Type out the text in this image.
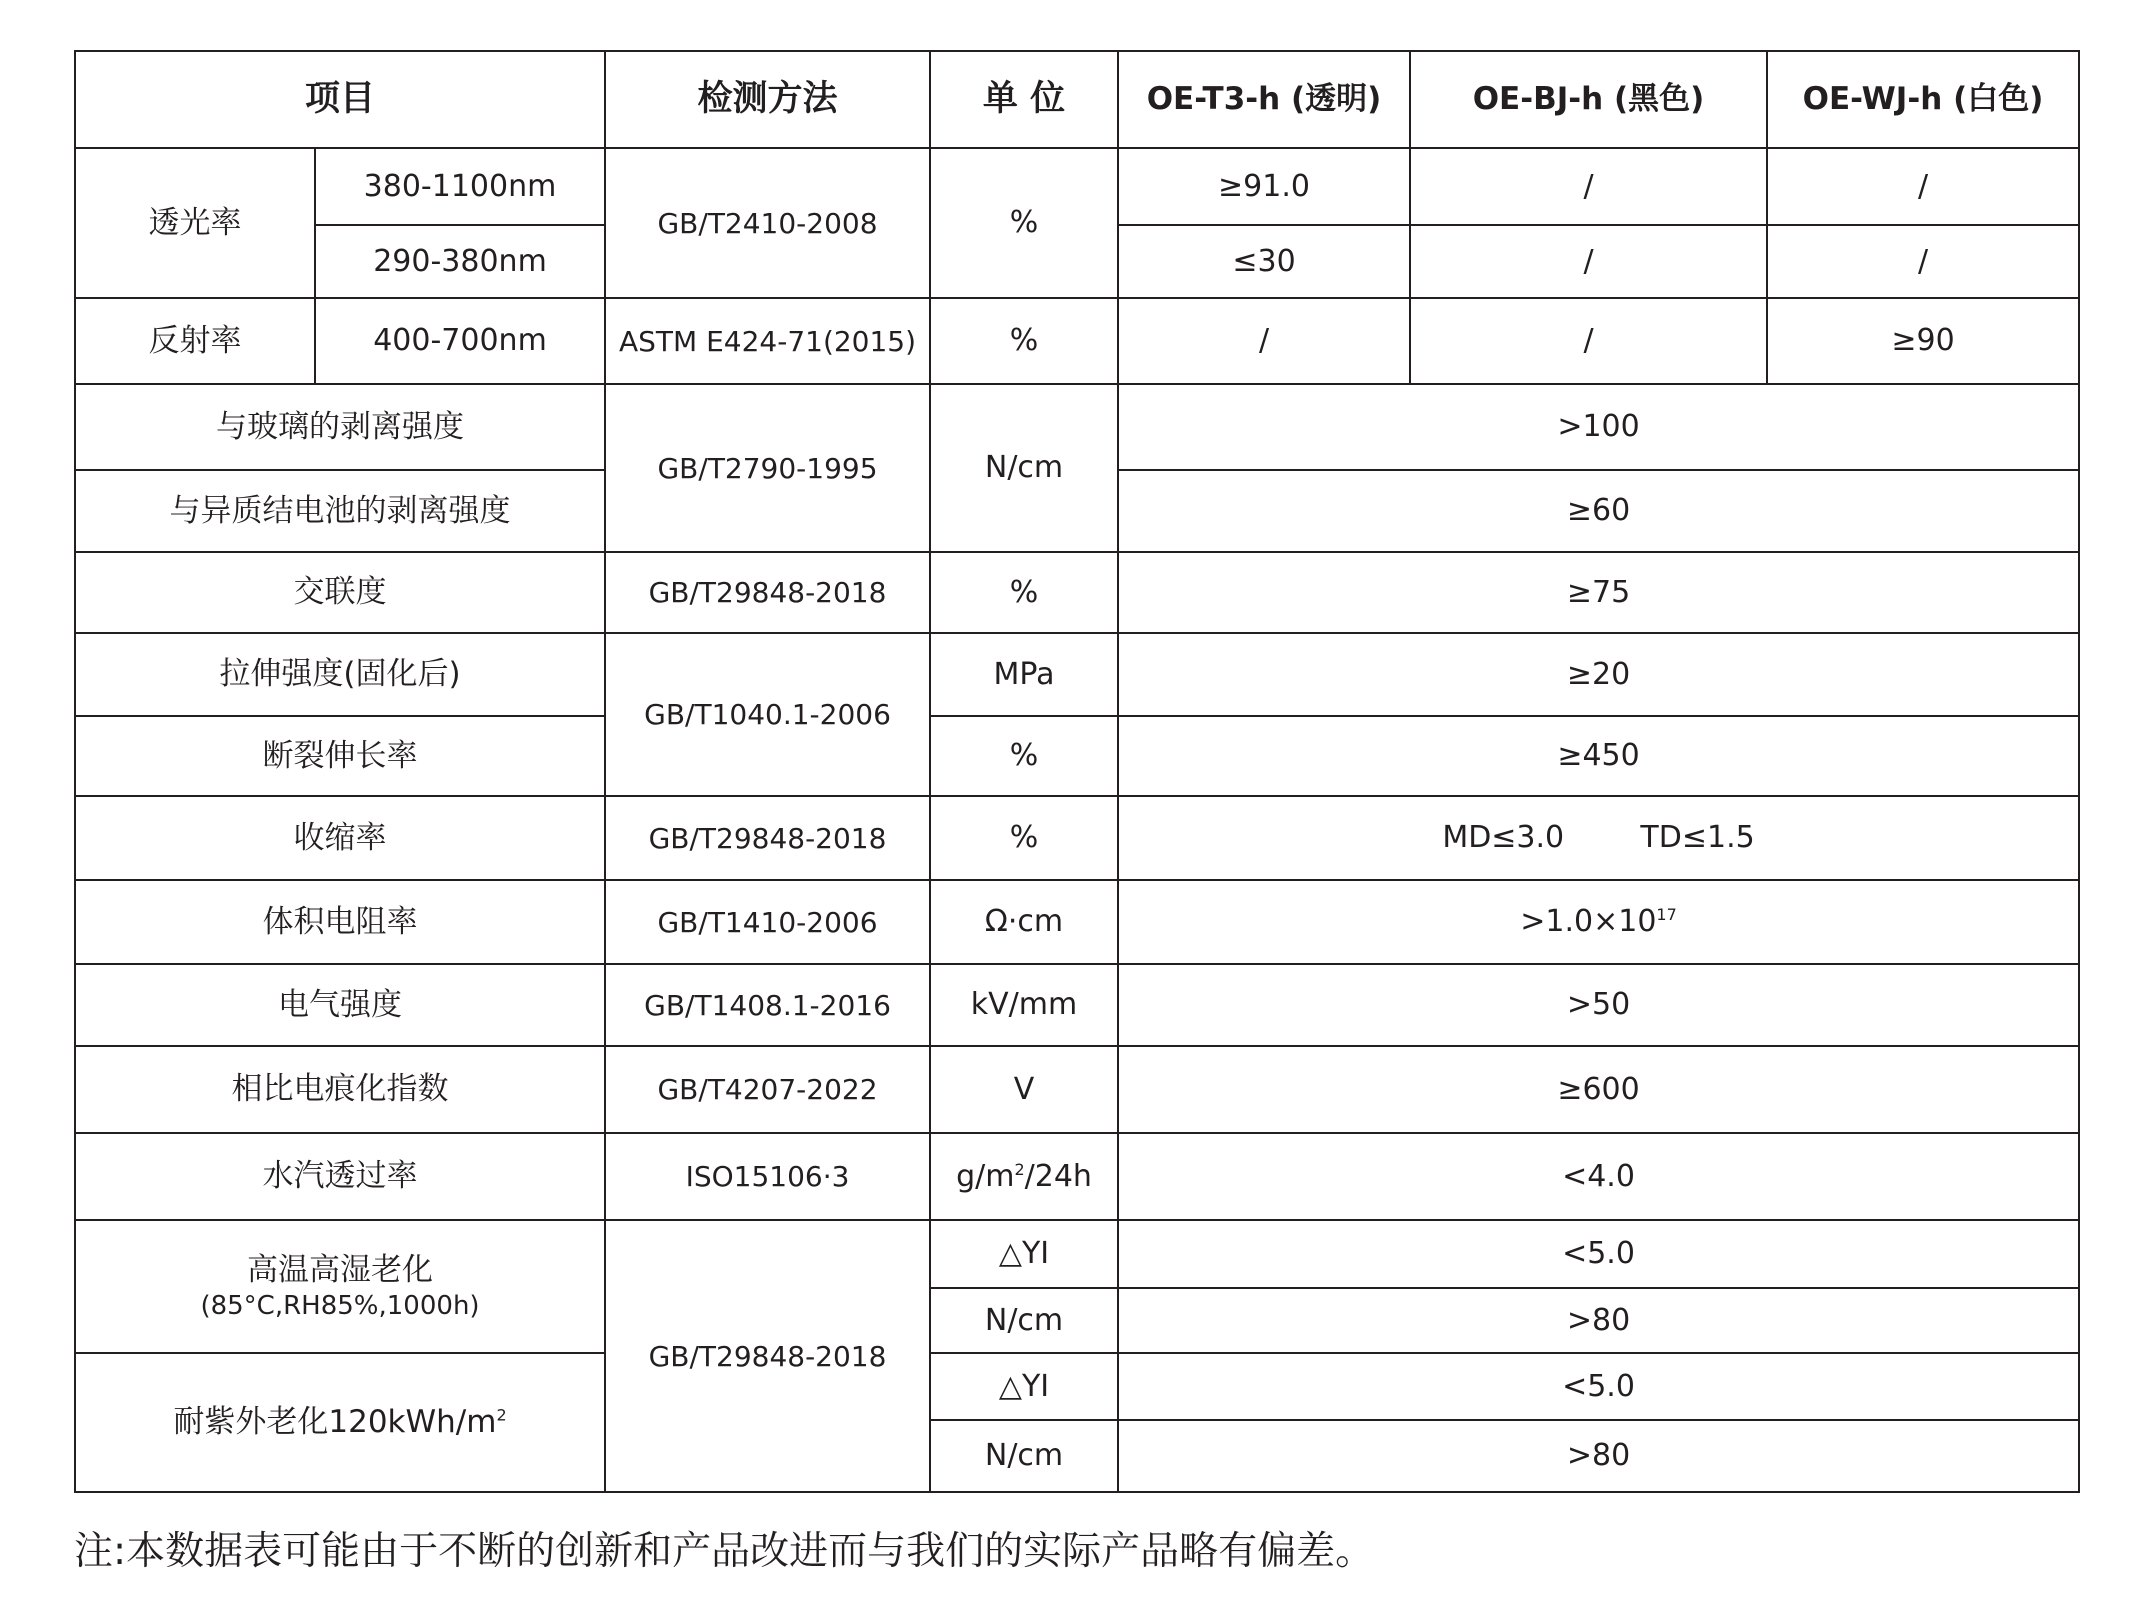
项目		检测方法	单 位	OE-T3-h (透明)	OE-BJ-h (黑色)	OE-WJ-h (白色)
透光率	380-1100nm	GB/T2410-2008	%	≥91.0	/	/
	290-380nm			≤30	/	/
反射率	400-700nm	ASTM E424-71(2015)	%	/	/	≥90
与玻璃的剥离强度		GB/T2790-1995	N/cm	>100		
与异质结电池的剥离强度				≥60		
交联度		GB/T29848-2018	%	≥75		
拉伸强度(固化后)		GB/T1040.1-2006	MPa	≥20		
断裂伸长率			%	≥450		
收缩率		GB/T29848-2018	%	MD≤3.0        TD≤1.5		
体积电阻率		GB/T1410-2006	Ω·cm	$>1.0\times 10^{17}$
电气强度		GB/T1408.1-2016	kV/mm	>50		
相比电痕化指数		GB/T4207-2022	V	≥600		
水汽透过率		ISO15106·3	$g/m^2/24h$	<4.0		
高温高湿老化
(85°C,RH85%,1000h)		GB/T29848-2018	△YI	<5.0		
			N/cm	>80		
耐紫外老化$120kWh/m^2$			△YI	<5.0		
			N/cm	>80		
注:本数据表可能由于不断的创新和产品改进而与我们的实际产品略有偏差。
